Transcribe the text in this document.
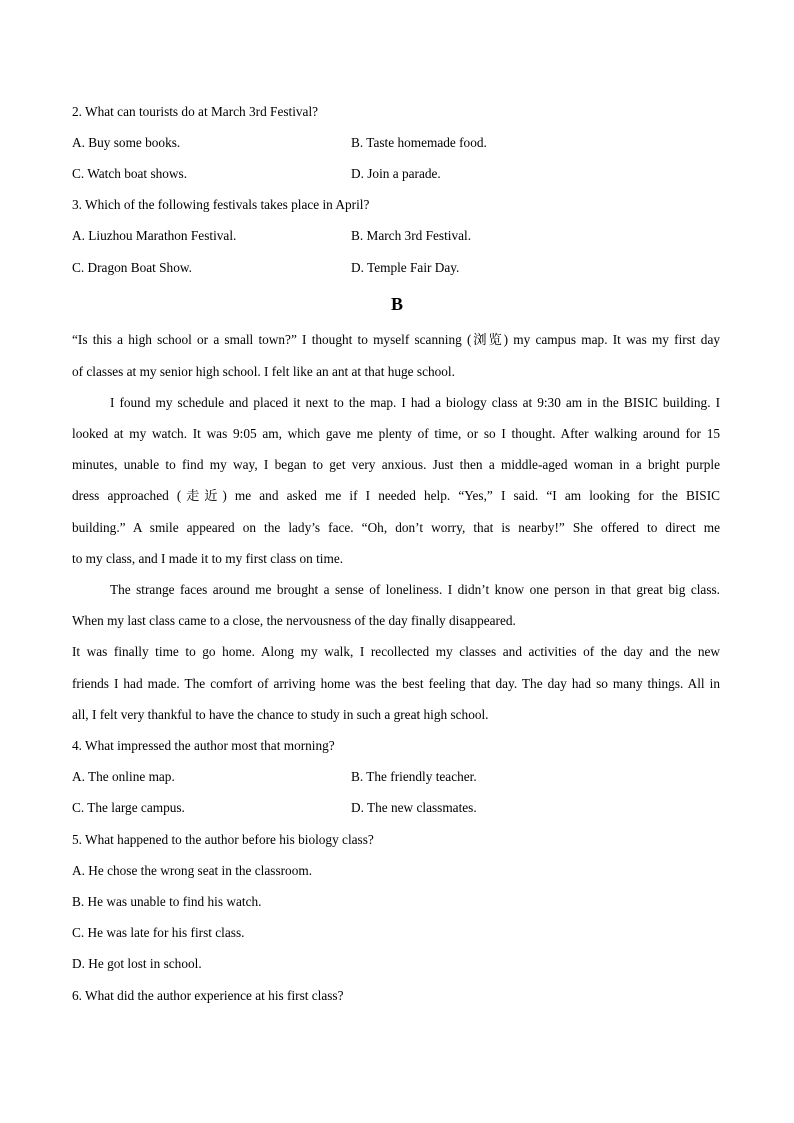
2. What can tourists do at March 3rd Festival?
A. Buy some books.	B. Taste homemade food.
C. Watch boat shows.	D. Join a parade.
3. Which of the following festivals takes place in April?
A. Liuzhou Marathon Festival.	B. March 3rd Festival.
C. Dragon Boat Show.	D. Temple Fair Day.
B
“Is this a high school or a small town?” I thought to myself scanning (浏览) my campus map. It was my first day
of classes at my senior high school. I felt like an ant at that huge school.
I found my schedule and placed it next to the map. I had a biology class at 9:30 am in the BISIC building. I
looked at my watch. It was 9:05 am, which gave me plenty of time, or so I thought. After walking around for 15
minutes, unable to find my way, I began to get very anxious. Just then a middle-aged woman in a bright purple
dress approached (走近) me and asked me if I needed help. “Yes,” I said. “I am looking for the BISIC
building.” A smile appeared on the lady’s face. “Oh, don’t worry, that is nearby!” She offered to direct me
to my class, and I made it to my first class on time.
The strange faces around me brought a sense of loneliness. I didn’t know one person in that great big class.
When my last class came to a close, the nervousness of the day finally disappeared.
It was finally time to go home. Along my walk, I recollected my classes and activities of the day and the new
friends I had made. The comfort of arriving home was the best feeling that day. The day had so many things. All in
all, I felt very thankful to have the chance to study in such a great high school.
4. What impressed the author most that morning?
A. The online map.	B. The friendly teacher.
C. The large campus.	D. The new classmates.
5. What happened to the author before his biology class?
A. He chose the wrong seat in the classroom.
B. He was unable to find his watch.
C. He was late for his first class.
D. He got lost in school.
6. What did the author experience at his first class?
